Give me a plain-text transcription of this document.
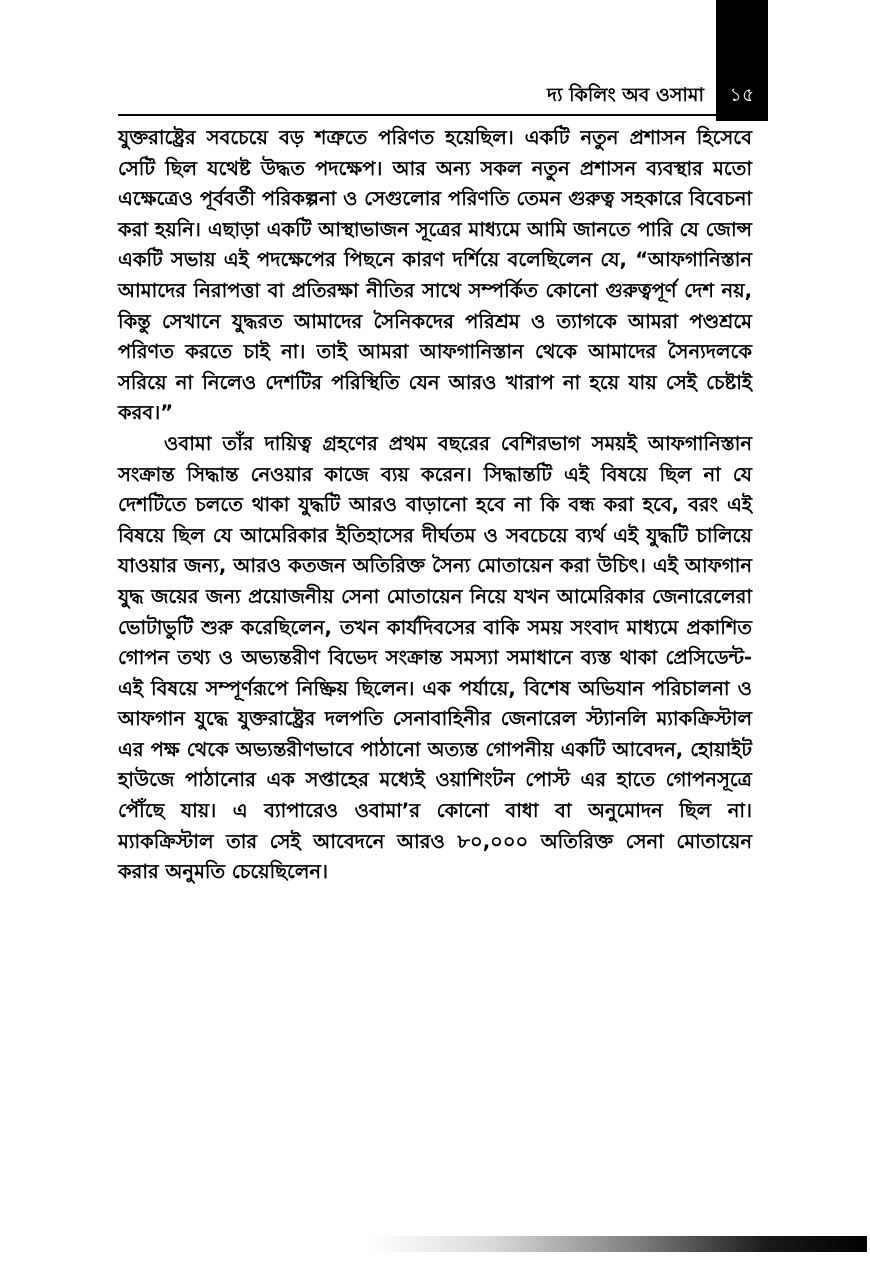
১৫
দ্য কিলিং অব ওসামা

যুক্তরাষ্ট্রের সবচেয়ে বড় শত্রুতে পরিণত হয়েছিল। একটি নতুন প্রশাসন হিসেবে সেটি ছিল যথেষ্ট উদ্ধত পদক্ষেপ। আর অন্য সকল নতুন প্রশাসন ব্যবস্থার মতো এক্ষেত্রেও পূর্ববর্তী পরিকল্পনা ও সেগুলোর পরিণতি তেমন গুরুত্ব সহকারে বিবেচনা করা হয়নি। এছাড়া একটি আস্থাভাজন সূত্রের মাধ্যমে আমি জানতে পারি যে জোন্স একটি সভায় এই পদক্ষেপের পিছনে কারণ দর্শিয়ে বলেছিলেন যে, “আফগানিস্তান আমাদের নিরাপত্তা বা প্রতিরক্ষা নীতির সাথে সম্পর্কিত কোনো গুরুত্বপূর্ণ দেশ নয়, কিন্তু সেখানে যুদ্ধরত আমাদের সৈনিকদের পরিশ্রম ও ত্যাগকে আমরা পণ্ডশ্রমে পরিণত করতে চাই না। তাই আমরা আফগানিস্তান থেকে আমাদের সৈন্যদলকে সরিয়ে না নিলেও দেশটির পরিস্থিতি যেন আরও খারাপ না হয়ে যায় সেই চেষ্টাই করব।”

ওবামা তাঁর দায়িত্ব গ্রহণের প্রথম বছরের বেশিরভাগ সময়ই আফগানিস্তান সংক্রান্ত সিদ্ধান্ত নেওয়ার কাজে ব্যয় করেন। সিদ্ধান্তটি এই বিষয়ে ছিল না যে দেশটিতে চলতে থাকা যুদ্ধটি আরও বাড়ানো হবে না কি বন্ধ করা হবে, বরং এই বিষয়ে ছিল যে আমেরিকার ইতিহাসের দীর্ঘতম ও সবচেয়ে ব্যর্থ এই যুদ্ধটি চালিয়ে যাওয়ার জন্য, আরও কতজন অতিরিক্ত সৈন্য মোতায়েন করা উচিৎ। এই আফগান যুদ্ধ জয়ের জন্য প্রয়োজনীয় সেনা মোতায়েন নিয়ে যখন আমেরিকার জেনারেলেরা ভোটাভুটি শুরু করেছিলেন, তখন কার্যদিবসের বাকি সময় সংবাদ মাধ্যমে প্রকাশিত গোপন তথ্য ও অভ্যন্তরীণ বিভেদ সংক্রান্ত সমস্যা সমাধানে ব্যস্ত থাকা প্রেসিডেন্ট- এই বিষয়ে সম্পূর্ণরূপে নিষ্ক্রিয় ছিলেন। এক পর্যায়ে, বিশেষ অভিযান পরিচালনা ও আফগান যুদ্ধে যুক্তরাষ্ট্রের দলপতি সেনাবাহিনীর জেনারেল স্ট্যানলি ম্যাকক্রিস্টাল এর পক্ষ থেকে অভ্যন্তরীণভাবে পাঠানো অত্যন্ত গোপনীয় একটি আবেদন, হোয়াইট হাউজে পাঠানোর এক সপ্তাহের মধ্যেই ওয়াশিংটন পোস্ট এর হাতে গোপনসূত্রে পৌঁছে যায়। এ ব্যাপারেও ওবামা’র কোনো বাধা বা অনুমোদন ছিল না। ম্যাকক্রিস্টাল তার সেই আবেদনে আরও ৮০,০০০ অতিরিক্ত সেনা মোতায়েন করার অনুমতি চেয়েছিলেন।
